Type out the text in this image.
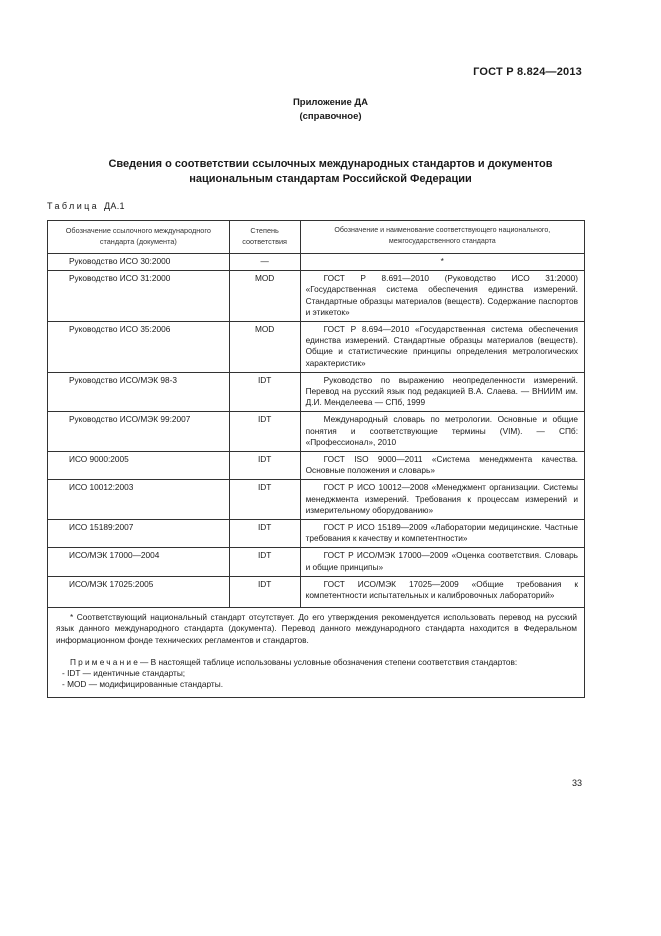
ГОСТ Р 8.824—2013
Приложение ДА
(справочное)
Сведения о соответствии ссылочных международных стандартов и документов
национальным стандартам Российской Федерации
Таблица ДА.1
Обозначение ссылочного международного стандарта (документа)	Степень соответствия	Обозначение и наименование соответствующего национального, межгосударственного стандарта
Руководство ИСО 30:2000	—	*
Руководство ИСО 31:2000	MOD	ГОСТ Р 8.691—2010 (Руководство ИСО 31:2000) «Государственная система обеспечения единства измерений. Стандартные образцы материалов (веществ). Содержание паспортов и этикеток»
Руководство ИСО 35:2006	MOD	ГОСТ Р 8.694—2010 «Государственная система обеспечения единства измерений. Стандартные образцы материалов (веществ). Общие и статистические принципы определения метрологических характеристик»
Руководство ИСО/МЭК 98-3	IDT	Руководство по выражению неопределенности измерений. Перевод на русский язык под редакцией В.А. Слаева. — ВНИИМ им. Д.И. Менделеева — СПб, 1999
Руководство ИСО/МЭК 99:2007	IDT	Международный словарь по метрологии. Основные и общие понятия и соответствующие термины (VIM). — СПб: «Профессионал», 2010
ИСО 9000:2005	IDT	ГОСТ ISO 9000—2011 «Система менеджмента качества. Основные положения и словарь»
ИСО 10012:2003	IDT	ГОСТ Р ИСО 10012—2008 «Менеджмент организации. Системы менеджмента измерений. Требования к процессам измерений и измерительному оборудованию»
ИСО 15189:2007	IDT	ГОСТ Р ИСО 15189—2009 «Лаборатории медицинские. Частные требования к качеству и компетентности»
ИСО/МЭК 17000—2004	IDT	ГОСТ Р ИСО/МЭК 17000—2009 «Оценка соответствия. Словарь и общие принципы»
ИСО/МЭК 17025:2005	IDT	ГОСТ ИСО/МЭК 17025—2009 «Общие требования к компетентности испытательных и калибровочных лабораторий»

* Соответствующий национальный стандарт отсутствует. До его утверждения рекомендуется использовать перевод на русский язык данного международного стандарта (документа). Перевод данного международного стандарта находится в Федеральном информационном фонде технических регламентов и стандартов.

Примечание— В настоящей таблице использованы условные обозначения степени соответствия стандартов:

- IDT — идентичные стандарты;

- MOD — модифицированные стандарты.		

33
